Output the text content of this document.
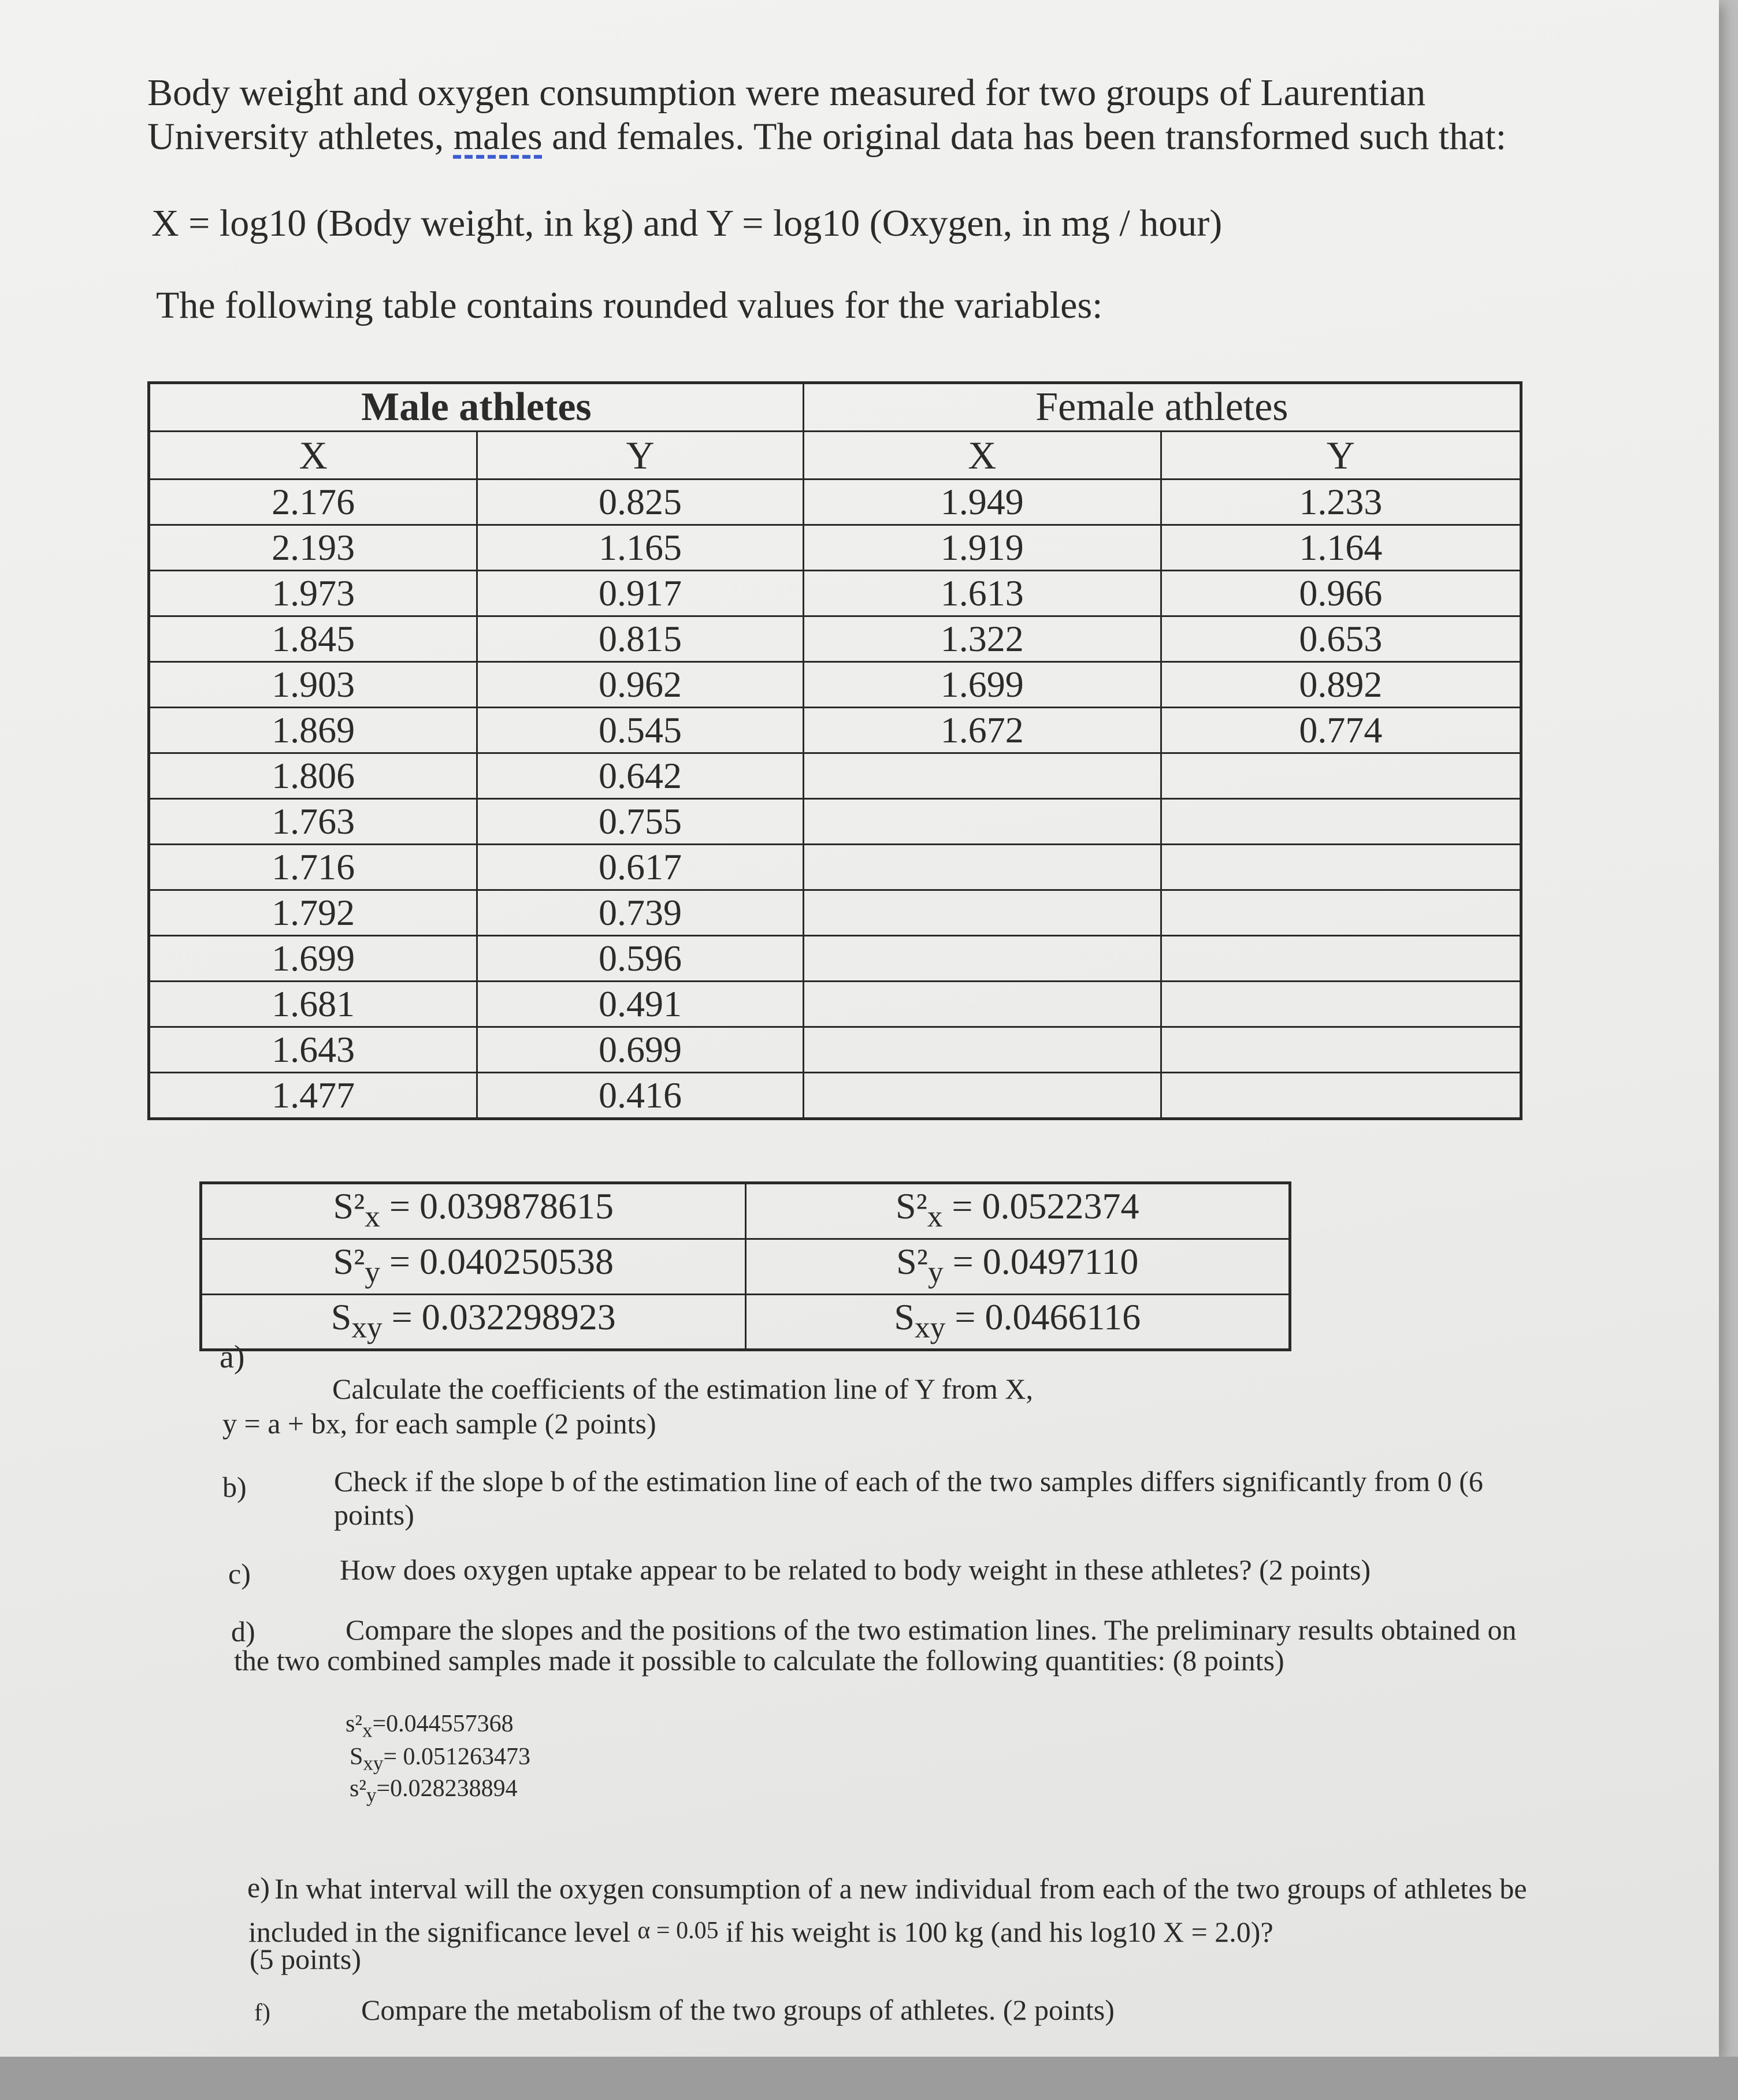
Body weight and oxygen consumption were measured for two groups of Laurentian
University athletes, males and females. The original data has been transformed such that:
X = log10 (Body weight, in kg) and Y = log10 (Oxygen, in mg / hour)
The following table contains rounded values for the variables:
Male athletes		Female athletes	
X	Y	X	Y
2.176	0.825	1.949	1.233
2.193	1.165	1.919	1.164
1.973	0.917	1.613	0.966
1.845	0.815	1.322	0.653
1.903	0.962	1.699	0.892
1.869	0.545	1.672	0.774
1.806	0.642		
1.763	0.755		
1.716	0.617		
1.792	0.739		
1.699	0.596		
1.681	0.491		
1.643	0.699		
1.477	0.416		
$S^2_x = 0.039878615$	$S^2_x = 0.0522374$
$S^2_y = 0.040250538$	$S^2_y = 0.0497110$
$S_{xy} = 0.032298923$	$S_{xy} = 0.0466116$
a)
Calculate the coefficients of the estimation line of Y from X,
y = a + bx, for each sample (2 points)
b)	Check if the slope b of the estimation line of each of the two samples differs significantly from 0 (6
points)
c)	How does oxygen uptake appear to be related to body weight in these athletes? (2 points)
d)	Compare the slopes and the positions of the two estimation lines. The preliminary results obtained on
the two combined samples made it possible to calculate the following quantities: (8 points)
$s^2_x=0.044557368$
$S_{xy}= 0.051263473$
$s^2_y=0.028238894$
e) In what interval will the oxygen consumption of a new individual from each of the two groups of athletes be
included in the significance level α = 0.05 if his weight is 100 kg (and his log10 X = 2.0)?
(5 points)
f)	Compare the metabolism of the two groups of athletes. (2 points)
